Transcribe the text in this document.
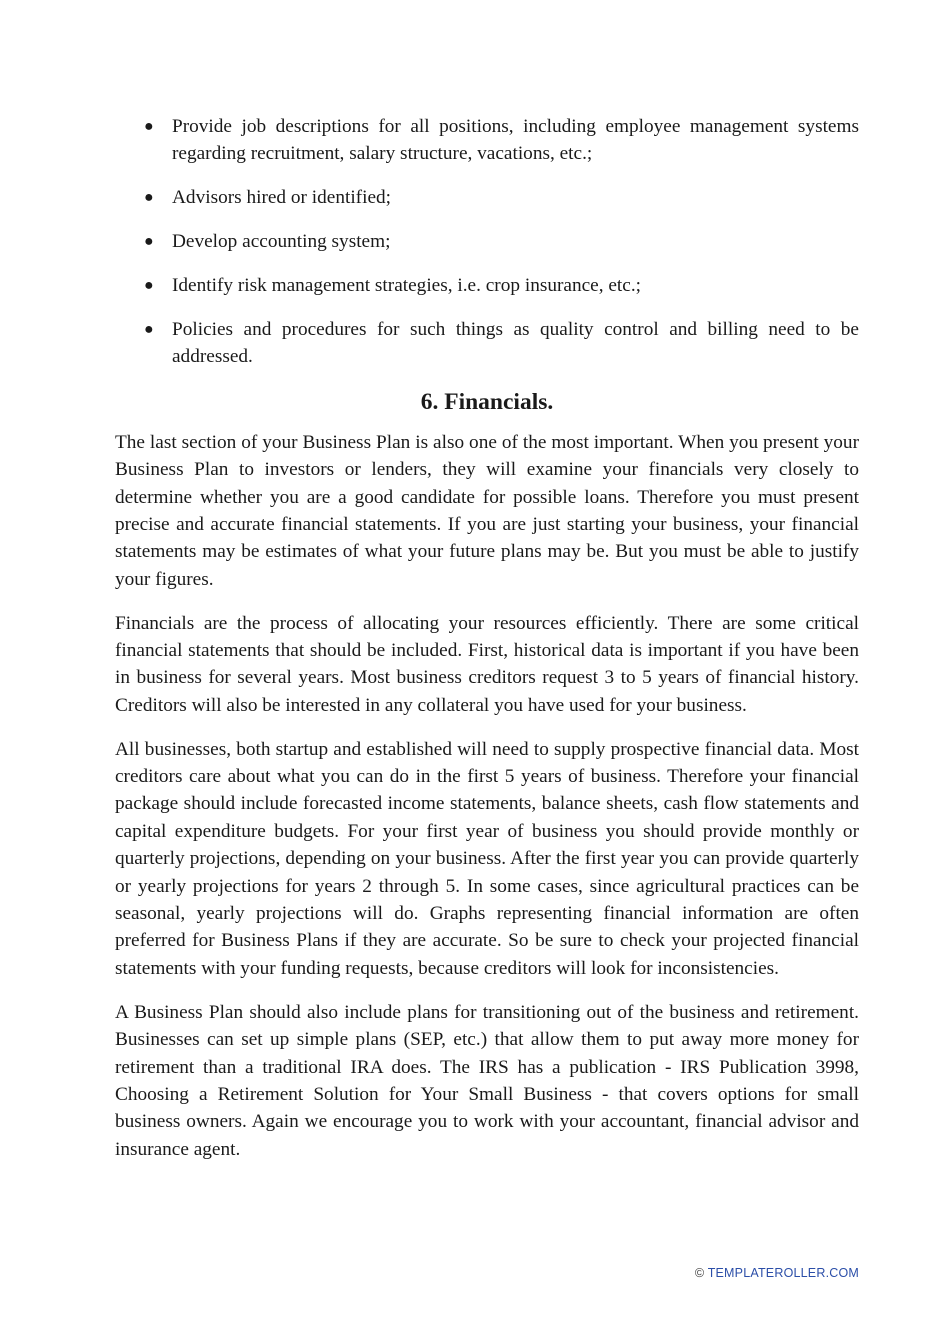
● Provide job descriptions for all positions, including employee management systems regarding recruitment, salary structure, vacations, etc.;
● Advisors hired or identified;
● Develop accounting system;
● Identify risk management strategies, i.e. crop insurance, etc.;
● Policies and procedures for such things as quality control and billing need to be addressed.
6. Financials.

The last section of your Business Plan is also one of the most important. When you present your Business Plan to investors or lenders, they will examine your financials very closely to determine whether you are a good candidate for possible loans. Therefore you must present precise and accurate financial statements. If you are just starting your business, your financial statements may be estimates of what your future plans may be. But you must be able to justify your figures.

Financials are the process of allocating your resources efficiently. There are some critical financial statements that should be included. First, historical data is important if you have been in business for several years. Most business creditors request 3 to 5 years of financial history. Creditors will also be interested in any collateral you have used for your business.

All businesses, both startup and established will need to supply prospective financial data. Most creditors care about what you can do in the first 5 years of business. Therefore your financial package should include forecasted income statements, balance sheets, cash flow statements and capital expenditure budgets. For your first year of business you should provide monthly or quarterly projections, depending on your business. After the first year you can provide quarterly or yearly projections for years 2 through 5. In some cases, since agricultural practices can be seasonal, yearly projections will do. Graphs representing financial information are often preferred for Business Plans if they are accurate. So be sure to check your projected financial statements with your funding requests, because creditors will look for inconsistencies.

A Business Plan should also include plans for transitioning out of the business and retirement. Businesses can set up simple plans (SEP, etc.) that allow them to put away more money for retirement than a traditional IRA does. The IRS has a publication - IRS Publication 3998, Choosing a Retirement Solution for Your Small Business - that covers options for small business owners. Again we encourage you to work with your accountant, financial advisor and insurance agent.

© TEMPLATEROLLER.COM
